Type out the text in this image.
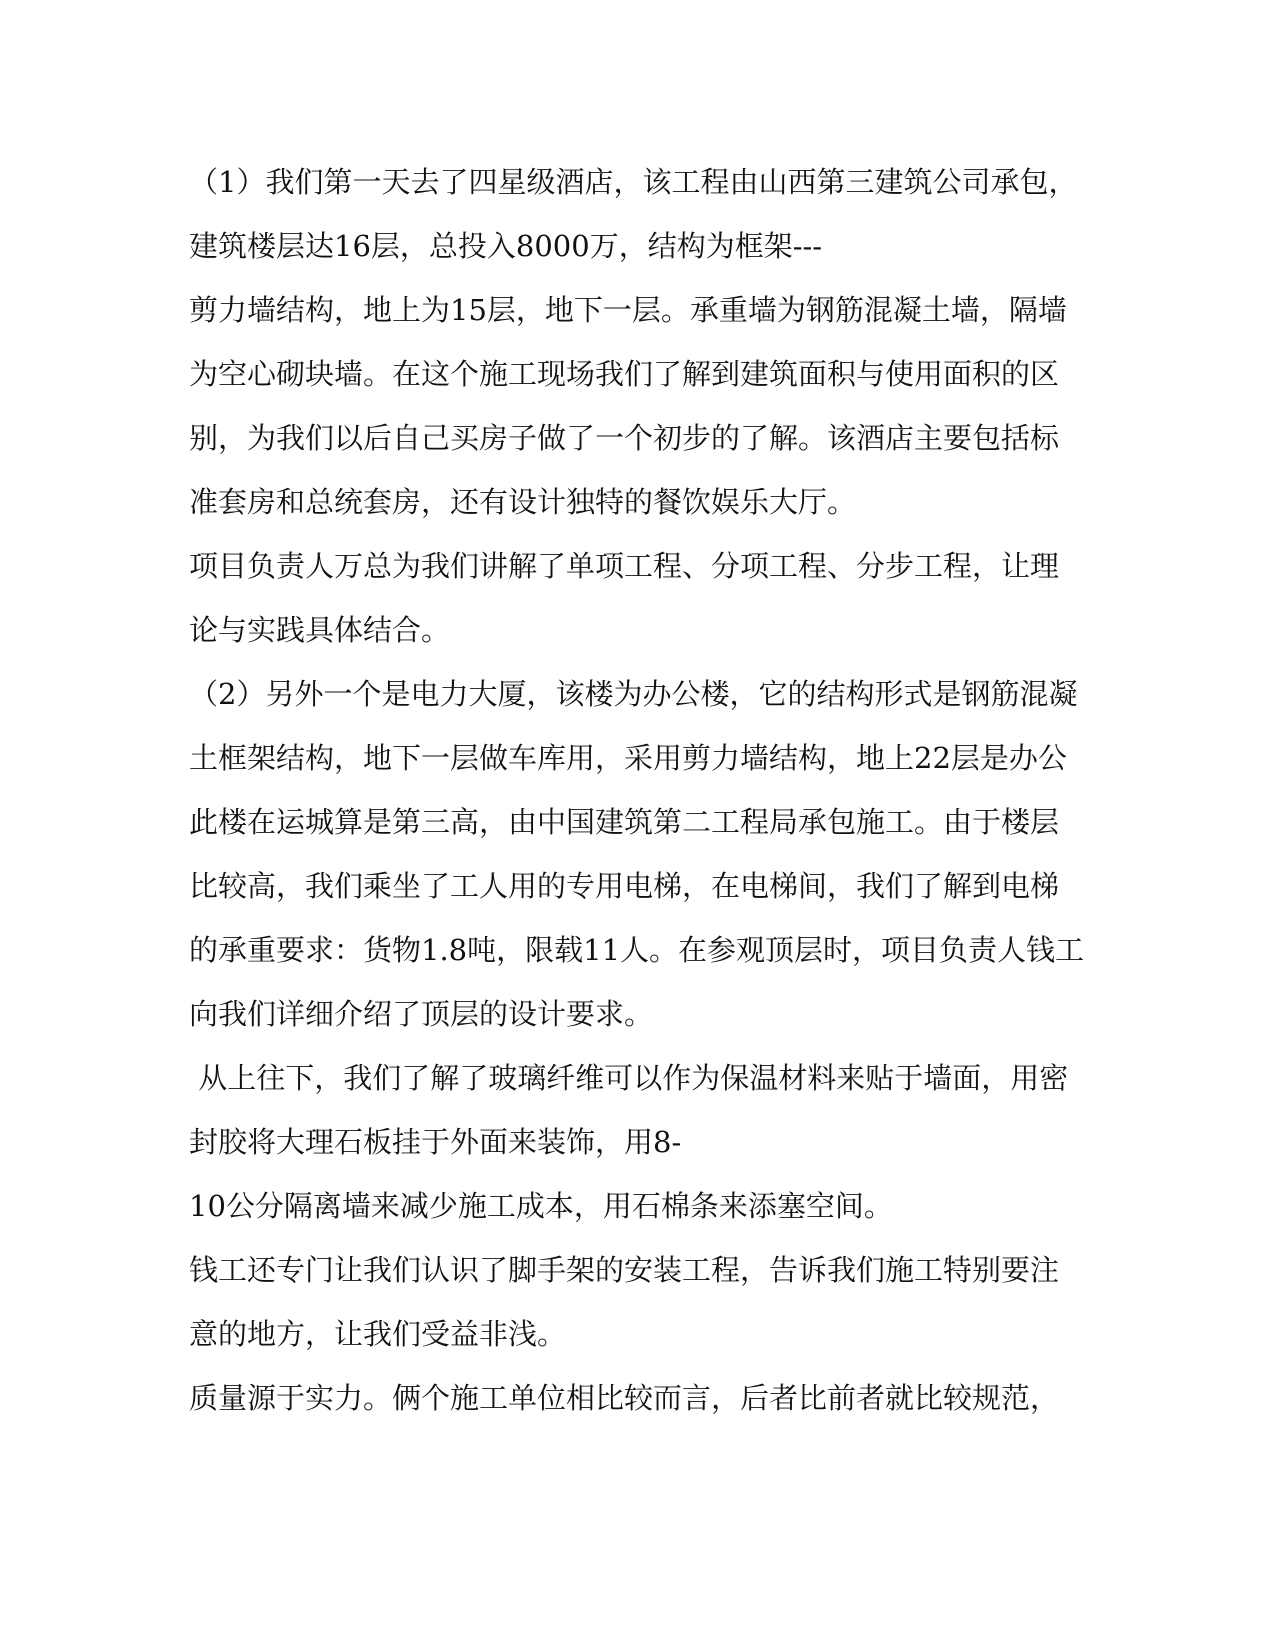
（1）我们第一天去了四星级酒店，该工程由山西第三建筑公司承包，
建筑楼层达16层，总投入8000万，结构为框架---
剪力墙结构，地上为15层，地下一层。承重墙为钢筋混凝土墙，隔墙
为空心砌块墙。在这个施工现场我们了解到建筑面积与使用面积的区
别，为我们以后自己买房子做了一个初步的了解。该酒店主要包括标
准套房和总统套房，还有设计独特的餐饮娱乐大厅。
项目负责人万总为我们讲解了单项工程、分项工程、分步工程，让理
论与实践具体结合。
（2）另外一个是电力大厦，该楼为办公楼，它的结构形式是钢筋混凝
土框架结构，地下一层做车库用，采用剪力墙结构，地上22层是办公
此楼在运城算是第三高，由中国建筑第二工程局承包施工。由于楼层
比较高，我们乘坐了工人用的专用电梯，在电梯间，我们了解到电梯
的承重要求：货物1.8吨，限载11人。在参观顶层时，项目负责人钱工
向我们详细介绍了顶层的设计要求。
从上往下，我们了解了玻璃纤维可以作为保温材料来贴于墙面，用密
封胶将大理石板挂于外面来装饰，用8-
10公分隔离墙来减少施工成本，用石棉条来添塞空间。
钱工还专门让我们认识了脚手架的安装工程，告诉我们施工特别要注
意的地方，让我们受益非浅。
质量源于实力。俩个施工单位相比较而言，后者比前者就比较规范，
